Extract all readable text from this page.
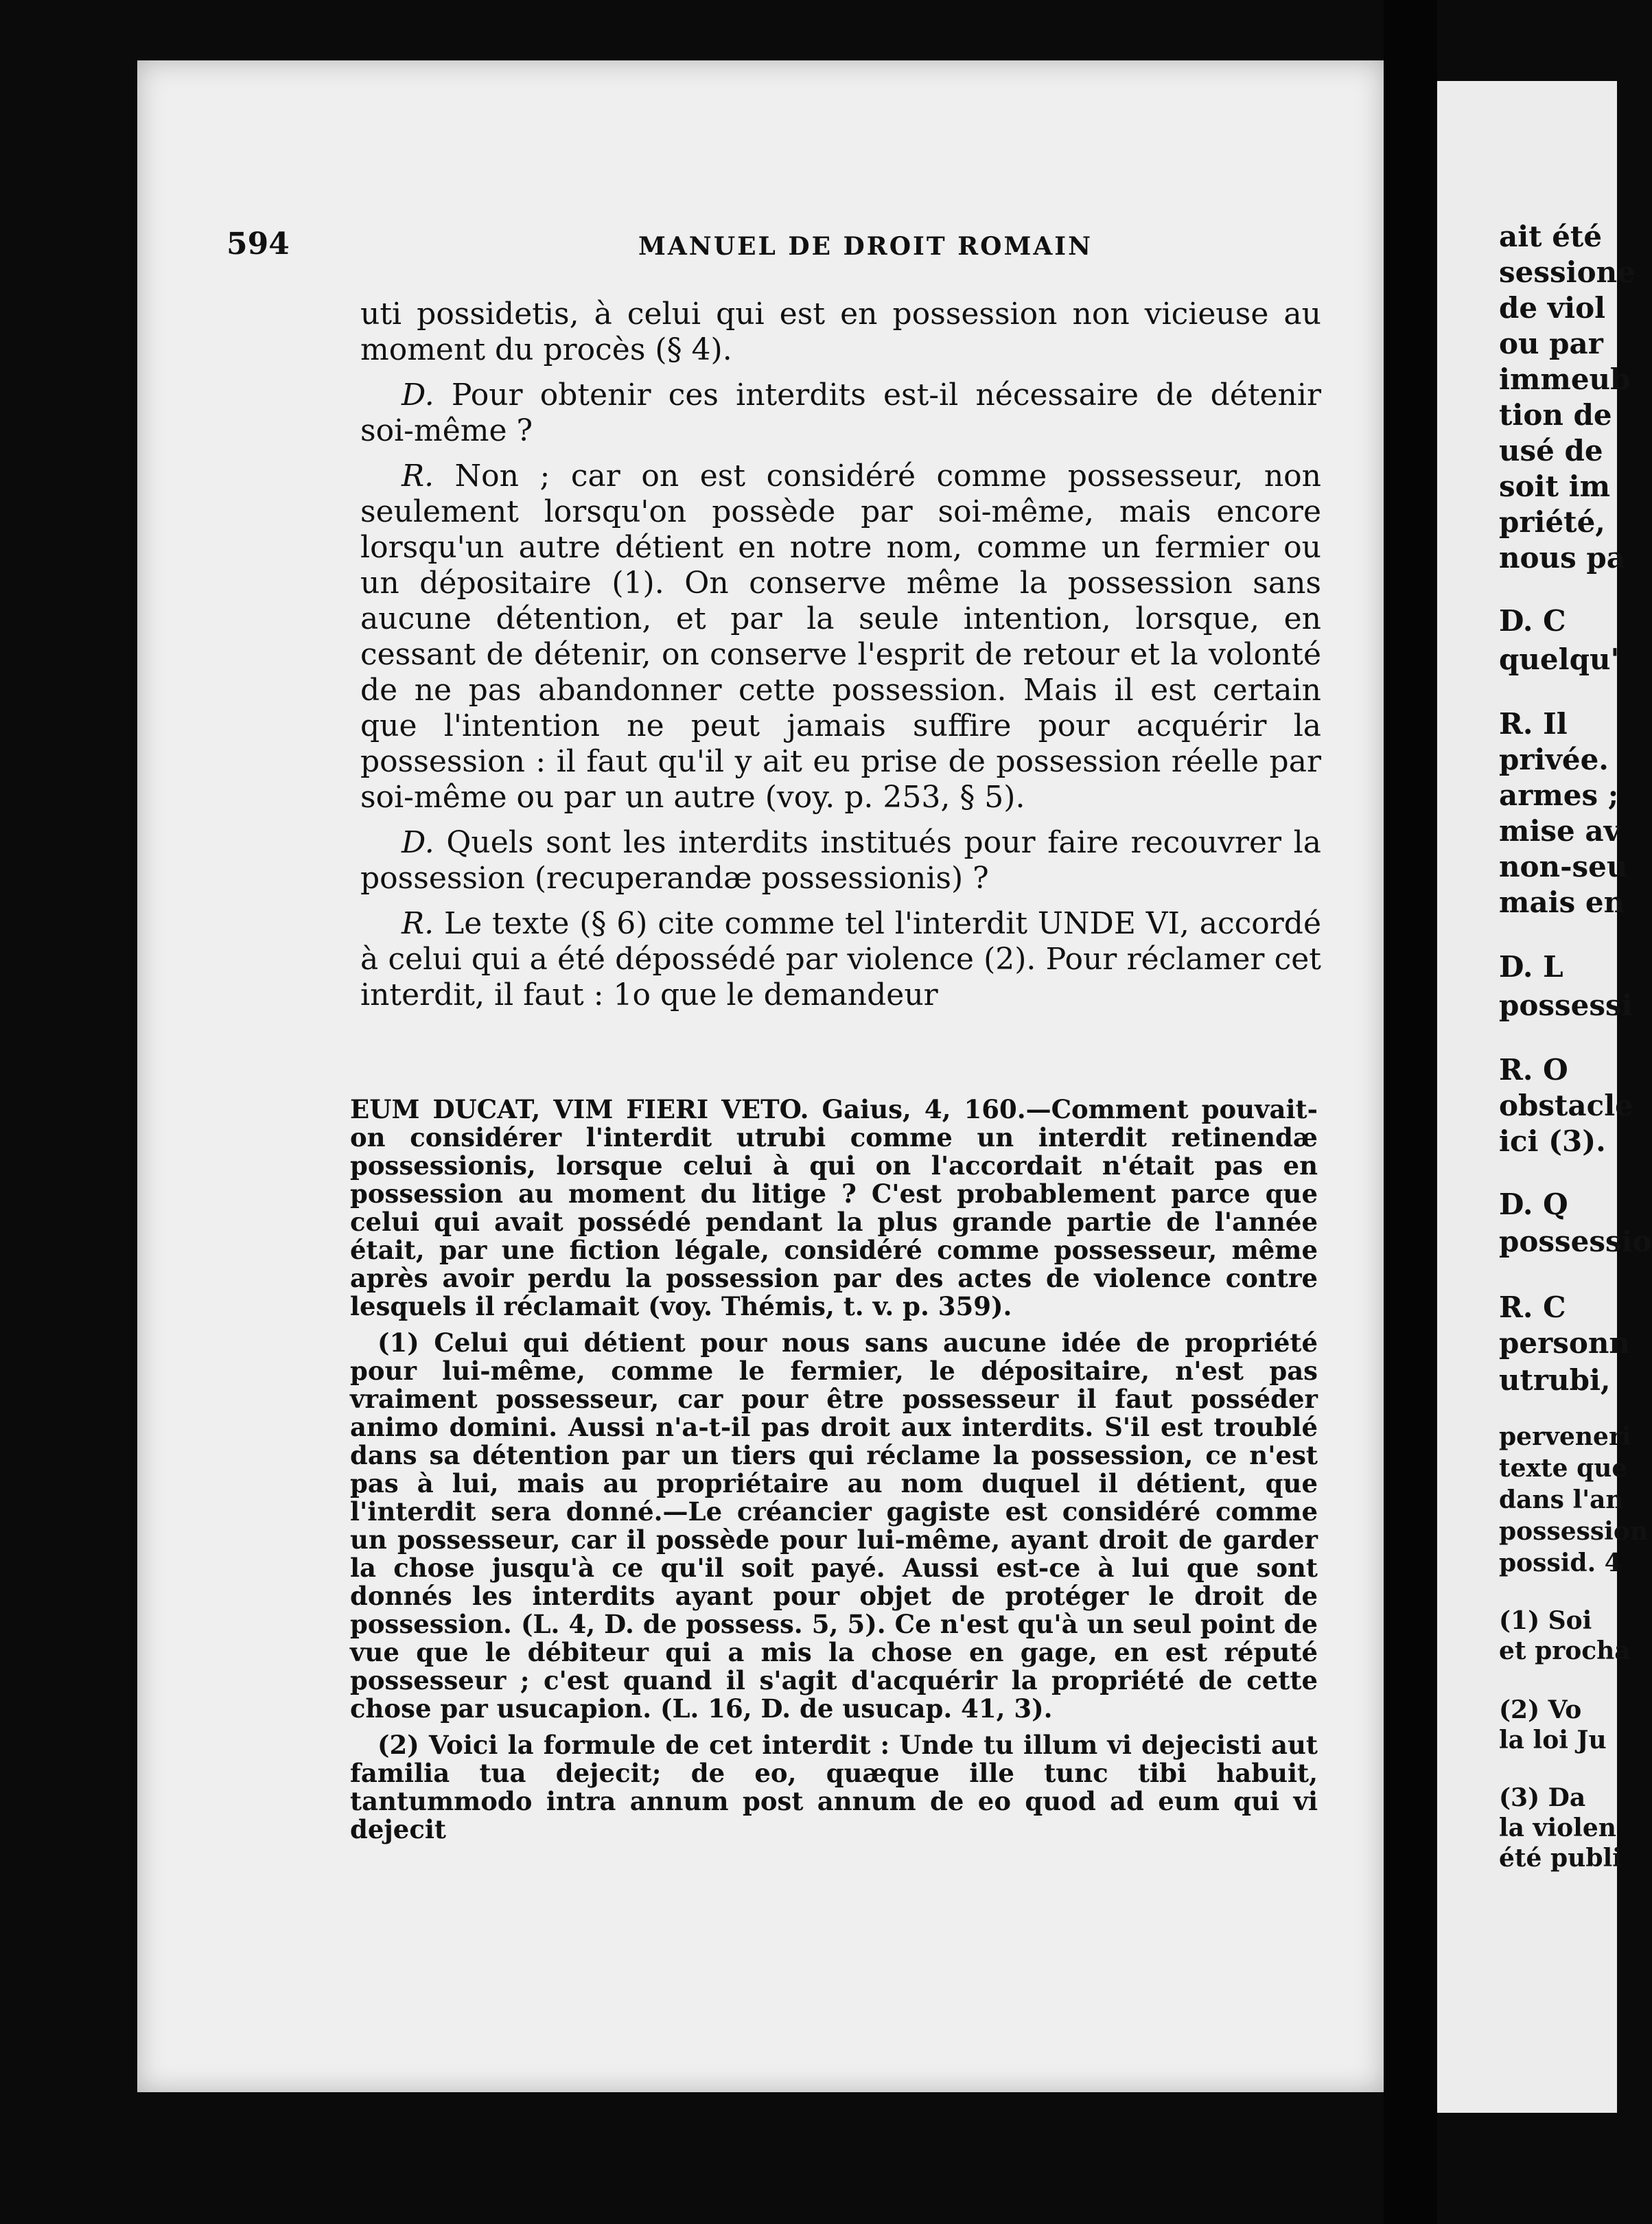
594	MANUEL DE DROIT ROMAIN

uti possidetis, à celui qui est en possession non vicieuse au moment du procès (§ 4).

D. Pour obtenir ces interdits est-il nécessaire de détenir soi-même ?

R. Non ; car on est considéré comme possesseur, non seulement lorsqu'on possède par soi-même, mais encore lorsqu'un autre détient en notre nom, comme un fermier ou un dépositaire (1). On conserve même la possession sans aucune détention, et par la seule intention, lorsque, en cessant de détenir, on conserve l'esprit de retour et la volonté de ne pas abandonner cette possession. Mais il est certain que l'intention ne peut jamais suffire pour acquérir la possession : il faut qu'il y ait eu prise de possession réelle par soi-même ou par un autre (voy. p. 253, § 5).

D. Quels sont les interdits institués pour faire recouvrer la possession (recuperandæ possessionis) ?

R. Le texte (§ 6) cite comme tel l'interdit UNDE VI, accordé à celui qui a été dépossédé par violence (2). Pour réclamer cet interdit, il faut : 1o que le demandeur

EUM DUCAT, VIM FIERI VETO. Gaius, 4, 160.—Comment pouvait-on considérer l'interdit utrubi comme un interdit retinendæ possessionis, lorsque celui à qui on l'accordait n'était pas en possession au moment du litige ? C'est probablement parce que celui qui avait possédé pendant la plus grande partie de l'année était, par une fiction légale, considéré comme possesseur, même après avoir perdu la possession par des actes de violence contre lesquels il réclamait (voy. Thémis, t. v. p. 359).

(1) Celui qui détient pour nous sans aucune idée de propriété pour lui-même, comme le fermier, le dépositaire, n'est pas vraiment possesseur, car pour être possesseur il faut posséder animo domini. Aussi n'a-t-il pas droit aux interdits. S'il est troublé dans sa détention par un tiers qui réclame la possession, ce n'est pas à lui, mais au propriétaire au nom duquel il détient, que l'interdit sera donné.—Le créancier gagiste est considéré comme un possesseur, car il possède pour lui-même, ayant droit de garder la chose jusqu'à ce qu'il soit payé. Aussi est-ce à lui que sont donnés les interdits ayant pour objet de protéger le droit de possession. (L. 4, D. de possess. 5, 5). Ce n'est qu'à un seul point de vue que le débiteur qui a mis la chose en gage, en est réputé possesseur ; c'est quand il s'agit d'acquérir la propriété de cette chose par usucapion. (L. 16, D. de usucap. 41, 3).

(2) Voici la formule de cet interdit : Unde tu illum vi dejecisti aut familia tua dejecit; de eo, quæque ille tunc tibi habuit, tantummodo intra annum post annum de eo quod ad eum qui vi dejecit

ait été
sessione
de viol
ou par
immeub
tion de
usé de
soit im
priété,
nous pa
D. C
quelqu'
R. Il
privée.
armes ;
mise av
non-seu
mais en
D. L
possessi
R. O
obstacle
ici (3).
D. Q
possessio
R. C
personn
utrubi,
perveneri
texte que
dans l'an
possession
possid. 4
(1) Soi
et procha
(2) Vo
la loi Ju
(3) Da
la violen
été publi
